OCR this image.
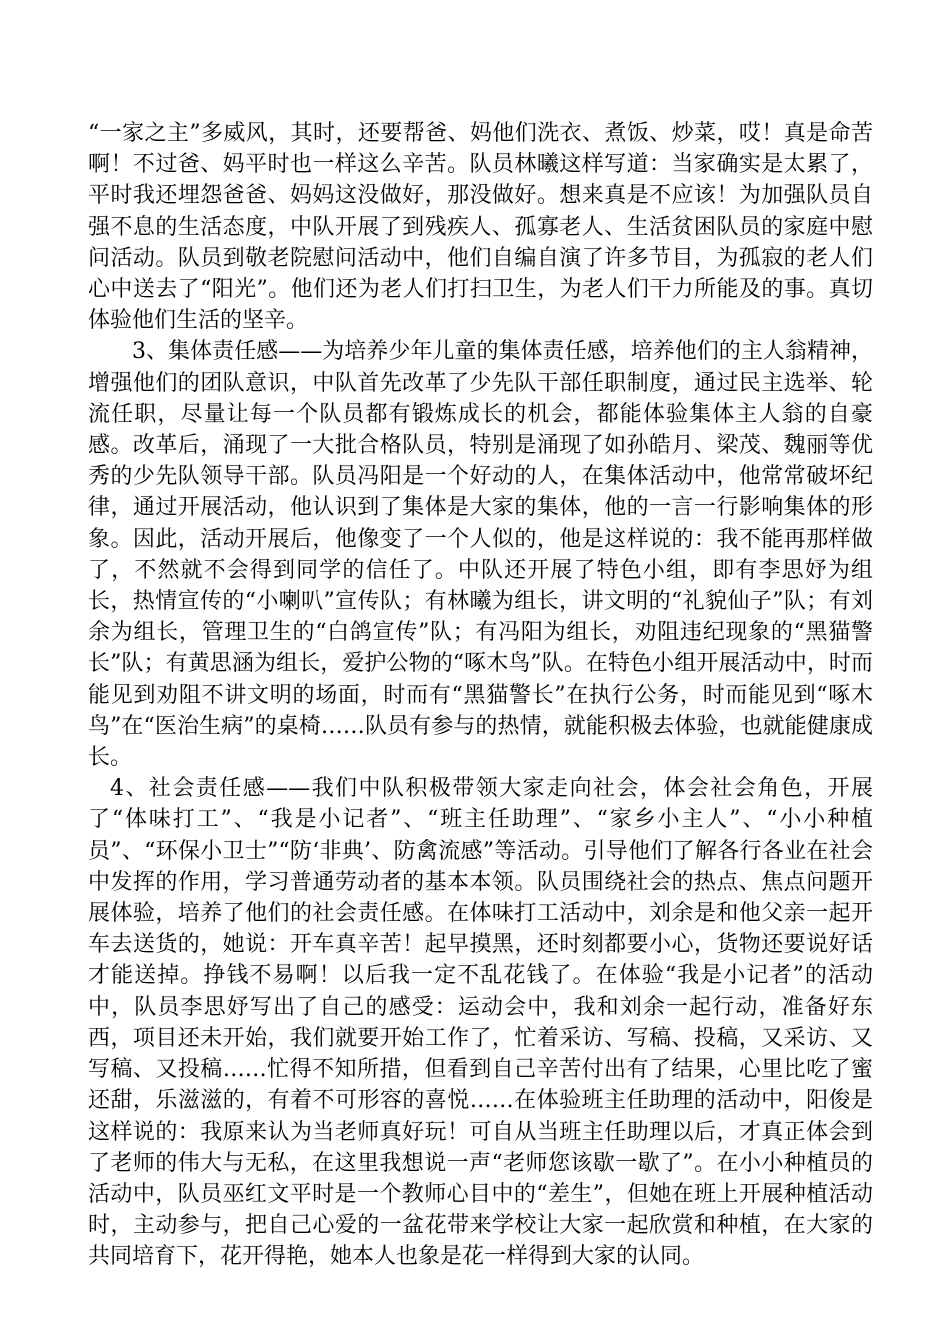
“一家之主”多威风，其时，还要帮爸、妈他们洗衣、煮饭、炒菜，哎！真是命苦啊！不过爸、妈平时也一样这么辛苦。队员林曦这样写道：当家确实是太累了，平时我还埋怨爸爸、妈妈这没做好，那没做好。想来真是不应该！为加强队员自强不息的生活态度，中队开展了到残疾人、孤寡老人、生活贫困队员的家庭中慰问活动。队员到敬老院慰问活动中，他们自编自演了许多节目，为孤寂的老人们心中送去了“阳光”。他们还为老人们打扫卫生，为老人们干力所能及的事。真切体验他们生活的坚辛。

3、集体责任感——为培养少年儿童的集体责任感，培养他们的主人翁精神，增强他们的团队意识，中队首先改革了少先队干部任职制度，通过民主选举、轮流任职，尽量让每一个队员都有锻炼成长的机会，都能体验集体主人翁的自豪感。改革后，涌现了一大批合格队员，特别是涌现了如孙皓月、梁茂、魏丽等优秀的少先队领导干部。队员冯阳是一个好动的人，在集体活动中，他常常破坏纪律，通过开展活动，他认识到了集体是大家的集体，他的一言一行影响集体的形象。因此，活动开展后，他像变了一个人似的，他是这样说的：我不能再那样做了，不然就不会得到同学的信任了。中队还开展了特色小组，即有李思妤为组长，热情宣传的“小喇叭”宣传队；有林曦为组长，讲文明的“礼貌仙子”队；有刘余为组长，管理卫生的“白鸽宣传”队；有冯阳为组长，劝阻违纪现象的“黑猫警长”队；有黄思涵为组长，爱护公物的“啄木鸟”队。在特色小组开展活动中，时而能见到劝阻不讲文明的场面，时而有“黑猫警长”在执行公务，时而能见到“啄木鸟”在“医治生病”的桌椅……队员有参与的热情，就能积极去体验，也就能健康成长。

4、社会责任感——我们中队积极带领大家走向社会，体会社会角色，开展了“体味打工”、“我是小记者”、“班主任助理”、“家乡小主人”、“小小种植员”、“环保小卫士”“防‘非典’、防禽流感”等活动。引导他们了解各行各业在社会中发挥的作用，学习普通劳动者的基本本领。队员围绕社会的热点、焦点问题开展体验，培养了他们的社会责任感。在体味打工活动中，刘余是和他父亲一起开车去送货的，她说：开车真辛苦！起早摸黑，还时刻都要小心，货物还要说好话才能送掉。挣钱不易啊！以后我一定不乱花钱了。在体验“我是小记者”的活动中，队员李思妤写出了自己的感受：运动会中，我和刘余一起行动，准备好东西，项目还未开始，我们就要开始工作了，忙着采访、写稿、投稿，又采访、又写稿、又投稿……忙得不知所措，但看到自己辛苦付出有了结果，心里比吃了蜜还甜，乐滋滋的，有着不可形容的喜悦……在体验班主任助理的活动中，阳俊是这样说的：我原来认为当老师真好玩！可自从当班主任助理以后，才真正体会到了老师的伟大与无私，在这里我想说一声“老师您该歇一歇了”。在小小种植员的活动中，队员巫红文平时是一个教师心目中的“差生”，但她在班上开展种植活动时，主动参与，把自己心爱的一盆花带来学校让大家一起欣赏和种植，在大家的共同培育下，花开得艳，她本人也象是花一样得到大家的认同。
